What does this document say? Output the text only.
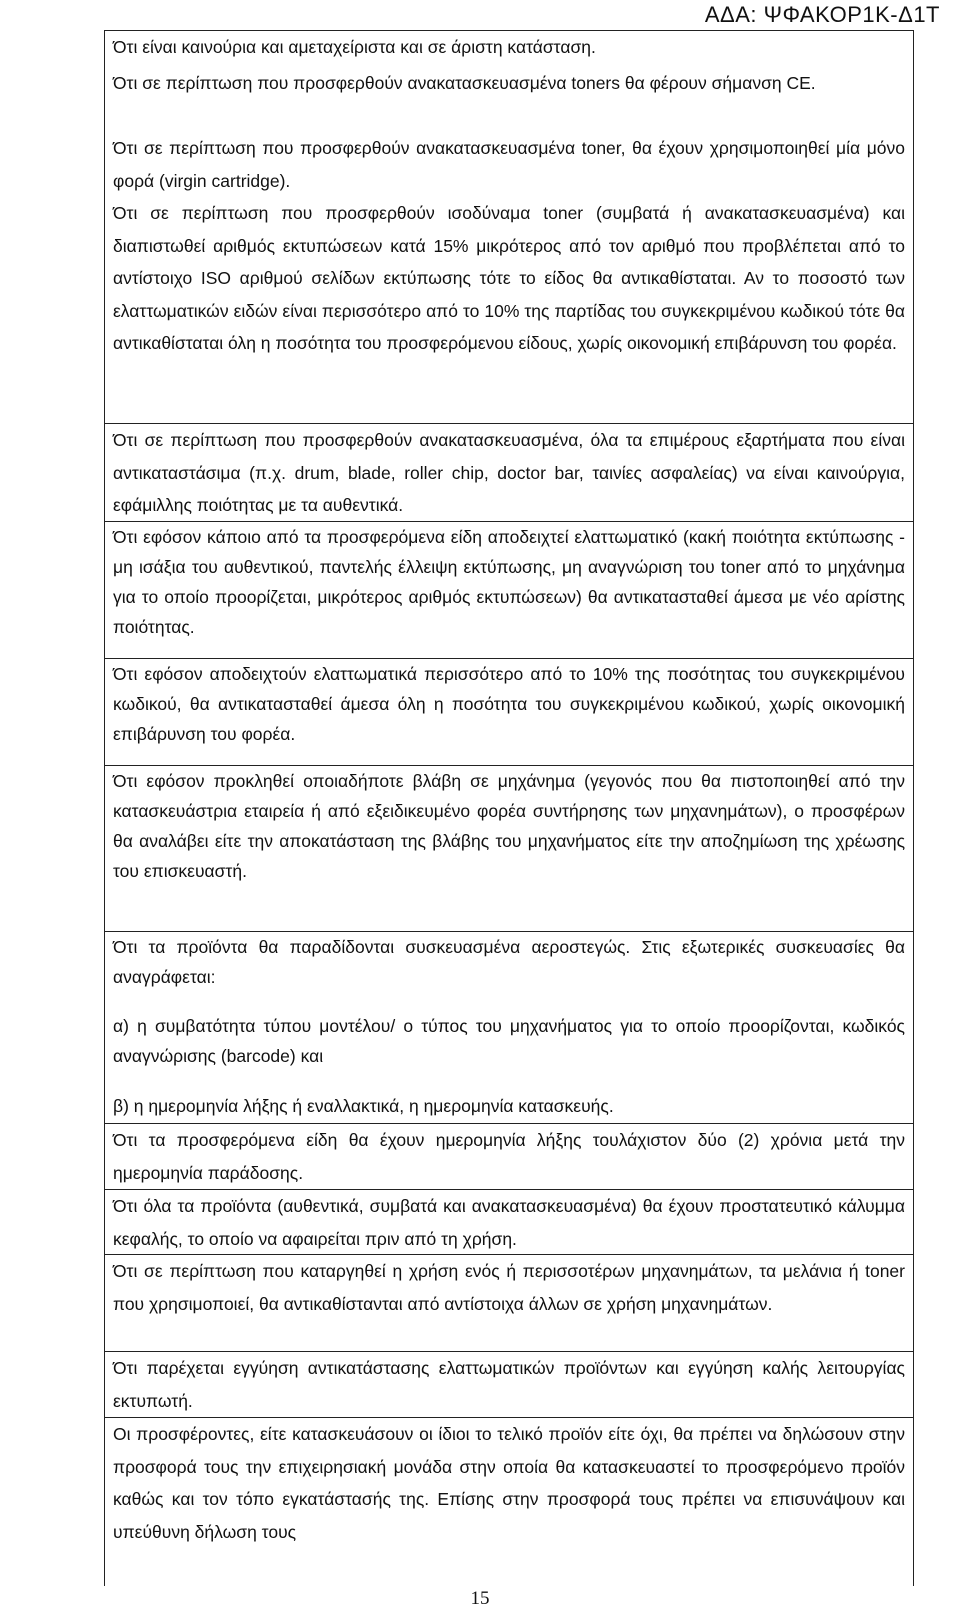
ΑΔΑ: ΨΦΑΚΟΡ1Κ-Δ1Τ

Ότι είναι καινούρια και αμεταχείριστα και σε άριστη κατάσταση.

Ότι σε περίπτωση που προσφερθούν ανακατασκευασμένα toners θα φέρουν σήμανση CE.

Ότι σε περίπτωση που προσφερθούν ανακατασκευασμένα toner, θα έχουν χρησιμοποιηθεί μία μόνο φορά (virgin cartridge).

Ότι σε περίπτωση που προσφερθούν ισοδύναμα toner (συμβατά ή ανακατασκευασμένα) και διαπιστωθεί αριθμός εκτυπώσεων κατά 15% μικρότερος από τον αριθμό που προβλέπεται από το αντίστοιχο ISO αριθμού σελίδων εκτύπωσης τότε το είδος θα αντικαθίσταται. Αν το ποσοστό των ελαττωματικών ειδών είναι περισσότερο από το 10% της παρτίδας του συγκεκριμένου κωδικού τότε θα αντικαθίσταται όλη η ποσότητα του προσφερόμενου είδους, χωρίς οικονομική επιβάρυνση του φορέα.

Ότι σε περίπτωση που προσφερθούν ανακατασκευασμένα, όλα τα επιμέρους εξαρτήματα που είναι αντικαταστάσιμα (π.χ. drum, blade, roller chip, doctor bar, ταινίες ασφαλείας) να είναι καινούργια, εφάμιλλης ποιότητας με τα αυθεντικά.

Ότι εφόσον κάποιο από τα προσφερόμενα είδη αποδειχτεί ελαττωματικό (κακή ποιότητα εκτύπωσης - μη ισάξια του αυθεντικού, παντελής έλλειψη εκτύπωσης, μη αναγνώριση του toner από το μηχάνημα για το οποίο προορίζεται, μικρότερος αριθμός εκτυπώσεων) θα αντικατασταθεί άμεσα με νέο αρίστης ποιότητας.

Ότι εφόσον αποδειχτούν ελαττωματικά περισσότερο από το 10% της ποσότητας του συγκεκριμένου κωδικού, θα αντικατασταθεί άμεσα όλη η ποσότητα του συγκεκριμένου κωδικού, χωρίς οικονομική επιβάρυνση του φορέα.

Ότι εφόσον προκληθεί οποιαδήποτε βλάβη σε μηχάνημα (γεγονός που θα πιστοποιηθεί από την κατασκευάστρια εταιρεία ή από εξειδικευμένο φορέα συντήρησης των μηχανημάτων), ο προσφέρων θα αναλάβει είτε την αποκατάσταση της βλάβης του μηχανήματος είτε την αποζημίωση της χρέωσης του επισκευαστή.

Ότι τα προϊόντα θα παραδίδονται συσκευασμένα αεροστεγώς. Στις εξωτερικές συσκευασίες θα αναγράφεται:

α) η συμβατότητα τύπου μοντέλου/ ο τύπος του μηχανήματος για το οποίο προορίζονται, κωδικός αναγνώρισης (barcode) και

β) η ημερομηνία λήξης ή εναλλακτικά, η ημερομηνία κατασκευής.

Ότι τα προσφερόμενα είδη θα έχουν ημερομηνία λήξης τουλάχιστον δύο (2) χρόνια μετά την ημερομηνία παράδοσης.

Ότι όλα τα προϊόντα (αυθεντικά, συμβατά και ανακατασκευασμένα) θα έχουν προστατευτικό κάλυμμα κεφαλής, το οποίο να αφαιρείται πριν από τη χρήση.

Ότι σε περίπτωση που καταργηθεί η χρήση ενός ή περισσοτέρων μηχανημάτων, τα μελάνια ή toner που χρησιμοποιεί, θα αντικαθίστανται από αντίστοιχα άλλων σε χρήση μηχανημάτων.

Ότι παρέχεται εγγύηση αντικατάστασης ελαττωματικών προϊόντων και εγγύηση καλής λειτουργίας εκτυπωτή.

Οι προσφέροντες, είτε κατασκευάσουν οι ίδιοι το τελικό προϊόν είτε όχι, θα πρέπει να δηλώσουν στην προσφορά τους την επιχειρησιακή μονάδα στην οποία θα κατασκευαστεί το προσφερόμενο προϊόν καθώς και τον τόπο εγκατάστασής της. Επίσης στην προσφορά τους πρέπει να επισυνάψουν και υπεύθυνη δήλωση τους

15
